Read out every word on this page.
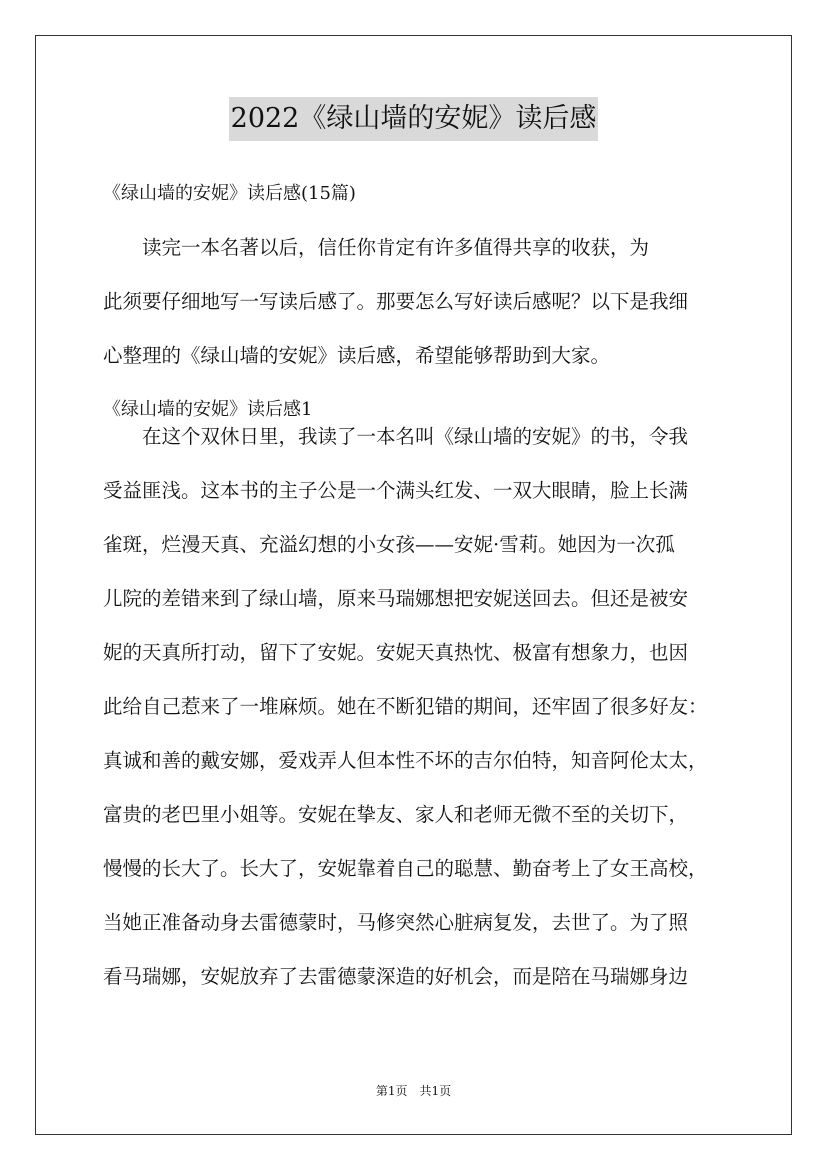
2022《绿山墙的安妮》读后感
《绿山墙的安妮》读后感(15篇)
　　读完一本名著以后，信任你肯定有许多值得共享的收获，为
此须要仔细地写一写读后感了。那要怎么写好读后感呢？以下是我细
心整理的《绿山墙的安妮》读后感，希望能够帮助到大家。
《绿山墙的安妮》读后感1
　　在这个双休日里，我读了一本名叫《绿山墙的安妮》的书，令我
受益匪浅。这本书的主子公是一个满头红发、一双大眼睛，脸上长满
雀斑，烂漫天真、充溢幻想的小女孩——安妮·雪莉。她因为一次孤
儿院的差错来到了绿山墙，原来马瑞娜想把安妮送回去。但还是被安
妮的天真所打动，留下了安妮。安妮天真热忱、极富有想象力，也因
此给自己惹来了一堆麻烦。她在不断犯错的期间，还牢固了很多好友：
真诚和善的戴安娜，爱戏弄人但本性不坏的吉尔伯特，知音阿伦太太，
富贵的老巴里小姐等。安妮在挚友、家人和老师无微不至的关切下，
慢慢的长大了。长大了，安妮靠着自己的聪慧、勤奋考上了女王高校，
当她正准备动身去雷德蒙时，马修突然心脏病复发，去世了。为了照
看马瑞娜，安妮放弃了去雷德蒙深造的好机会，而是陪在马瑞娜身边
第1页　共1页
